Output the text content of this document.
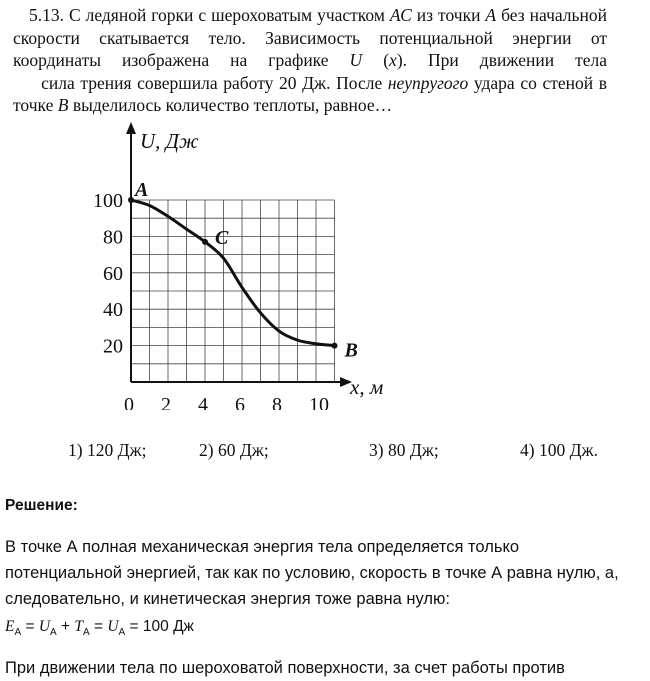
5.13. С ледяной горки с шероховатым участком АС из точки А без начальной скорости скатывается тело. Зависимость потенциальной энергии от координаты изображена на графике U (x). При движении тела     сила трения совершила работу 20 Дж. После неупругого удара со стеной в точке В выделилось количество теплоты, равное…

0 2 4 6 8 10
100
80
60
40
20
A
C
B
U, Дж
x, м
1) 120 Дж;	2) 60 Дж;	3) 80 Дж;	4) 100 Дж.
Решение:
В точке А полная механическая энергия тела определяется только потенциальной энергией, так как по условию, скорость в точке А равна нулю, а, следовательно, и кинетическая энергия тоже равна нулю:
$E_A = U_A + T_A = U_A = 100$ Дж
При движении тела по шероховатой поверхности, за счет работы против
